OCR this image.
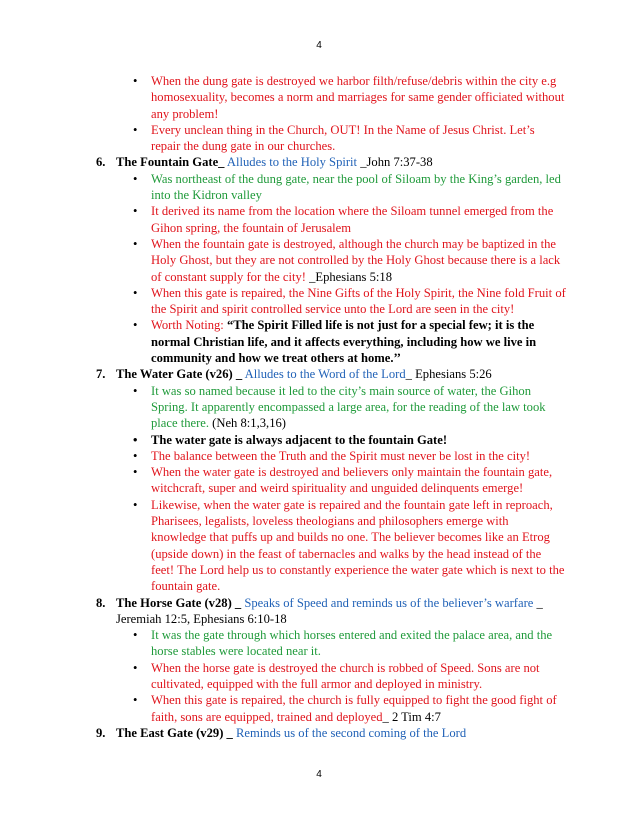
4
• When the dung gate is destroyed we harbor filth/refuse/debris within the city e.g homosexuality, becomes a norm and marriages for same gender officiated without any problem!
• Every unclean thing in the Church, OUT! In the Name of Jesus Christ. Let’s repair the dung gate in our churches.
6. The Fountain Gate_ Alludes to the Holy Spirit _John 7:37-38
• Was northeast of the dung gate, near the pool of Siloam by the King’s garden, led into the Kidron valley
• It derived its name from the location where the Siloam tunnel emerged from the Gihon spring, the fountain of Jerusalem
• When the fountain gate is destroyed, although the church may be baptized in the Holy Ghost, but they are not controlled by the Holy Ghost because there is a lack of constant supply for the city! _Ephesians 5:18
• When this gate is repaired, the Nine Gifts of the Holy Spirit, the Nine fold Fruit of the Spirit and spirit controlled service unto the Lord are seen in the city!
• Worth Noting: “The Spirit Filled life is not just for a special few; it is the normal Christian life, and it affects everything, including how we live in community and how we treat others at home.’’
7. The Water Gate (v26) _ Alludes to the Word of the Lord_ Ephesians 5:26
• It was so named because it led to the city’s main source of water, the Gihon Spring. It apparently encompassed a large area, for the reading of the law took place there. (Neh 8:1,3,16)
• The water gate is always adjacent to the fountain Gate!
• The balance between the Truth and the Spirit must never be lost in the city!
• When the water gate is destroyed and believers only maintain the fountain gate, witchcraft, super and weird spirituality and unguided delinquents emerge!
• Likewise, when the water gate is repaired and the fountain gate left in reproach, Pharisees, legalists, loveless theologians and philosophers emerge with knowledge that puffs up and builds no one. The believer becomes like an Etrog (upside down) in the feast of tabernacles and walks by the head instead of the feet! The Lord help us to constantly experience the water gate which is next to the fountain gate.
8. The Horse Gate (v28) _ Speaks of Speed and reminds us of the believer’s warfare _ Jeremiah 12:5, Ephesians 6:10-18
• It was the gate through which horses entered and exited the palace area, and the horse stables were located near it.
• When the horse gate is destroyed the church is robbed of Speed. Sons are not cultivated, equipped with the full armor and deployed in ministry.
• When this gate is repaired, the church is fully equipped to fight the good fight of faith, sons are equipped, trained and deployed_ 2 Tim 4:7
9. The East Gate (v29) _ Reminds us of the second coming of the Lord
4
